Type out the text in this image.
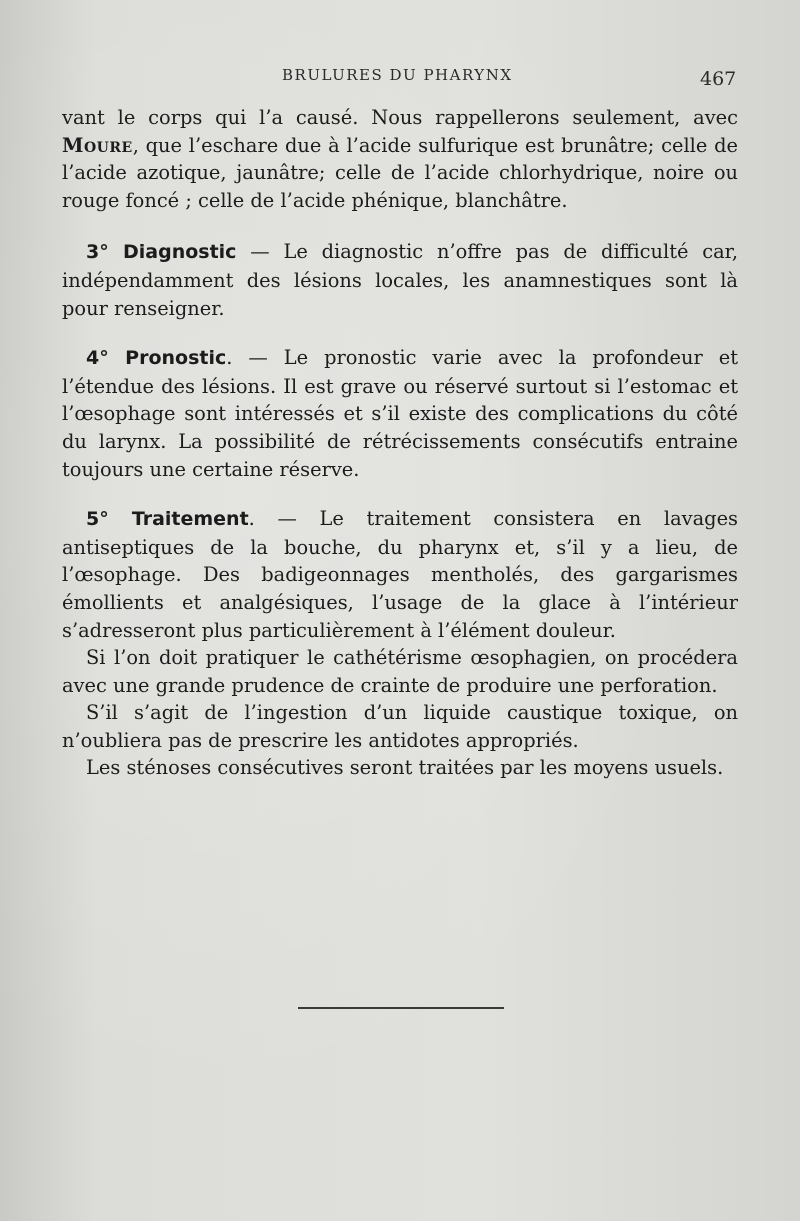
BRULURES DU PHARYNX	467

vant le corps qui l’a causé. Nous rappellerons seulement, avec Moure, que l’eschare due à l’acide sulfurique est brunâtre; celle de l’acide azotique, jaunâtre; celle de l’acide chlorhydrique, noire ou rouge foncé ; celle de l’acide phénique, blanchâtre.

3° Diagnostic — Le diagnostic n’offre pas de difficulté car, indépendamment des lésions locales, les anamnestiques sont là pour renseigner.

4° Pronostic. — Le pronostic varie avec la profondeur et l’étendue des lésions. Il est grave ou réservé surtout si l’estomac et l’œsophage sont intéressés et s’il existe des complications du côté du larynx. La possibilité de rétrécissements consécutifs entraine toujours une certaine réserve.

5° Traitement. — Le traitement consistera en lavages antiseptiques de la bouche, du pharynx et, s’il y a lieu, de l’œsophage. Des badigeonnages mentholés, des gargarismes émollients et analgésiques, l’usage de la glace à l’intérieur s’adresseront plus particulièrement à l’élément douleur.

Si l’on doit pratiquer le cathétérisme œsophagien, on procédera avec une grande prudence de crainte de produire une perforation.

S’il s’agit de l’ingestion d’un liquide caustique toxique, on n’oubliera pas de prescrire les antidotes appropriés.

Les sténoses consécutives seront traitées par les moyens usuels.
